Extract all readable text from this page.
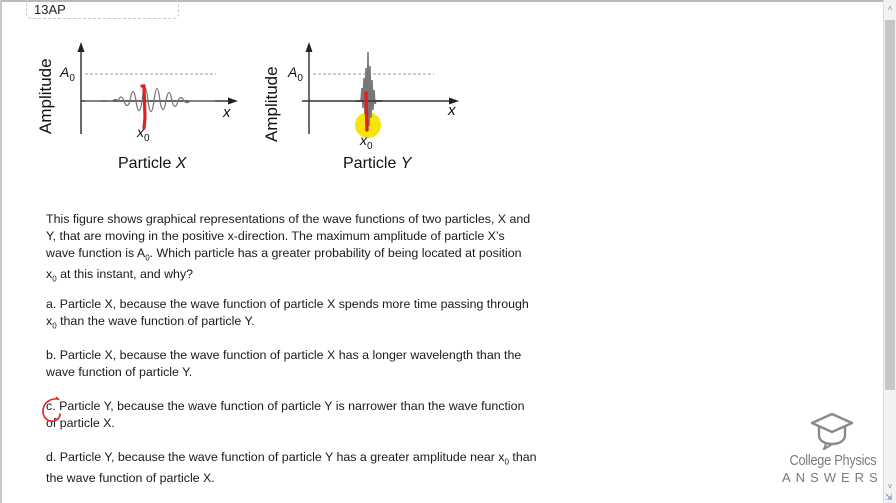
13AP
Amplitude $A_0$
x
$x_0$
Particle X
Amplitude $A_0$
x
$x_0$
Particle Y
This figure shows graphical representations of the wave functions of two particles, X and
Y, that are moving in the positive x-direction. The maximum amplitude of particle X’s
wave function is $A_0$. Which particle has a greater probability of being located at position
$x_0$ at this instant, and why?
a. Particle X, because the wave function of particle X spends more time passing through
$x_0$ than the wave function of particle Y.
b. Particle X, because the wave function of particle X has a longer wavelength than the
wave function of particle Y.
c. Particle Y, because the wave function of particle Y is narrower than the wave function
of particle X.
d. Particle Y, because the wave function of particle Y has a greater amplitude near $x_0$ than
the wave function of particle X.
College Physics
ANSWERS
˄
˅
⇲
